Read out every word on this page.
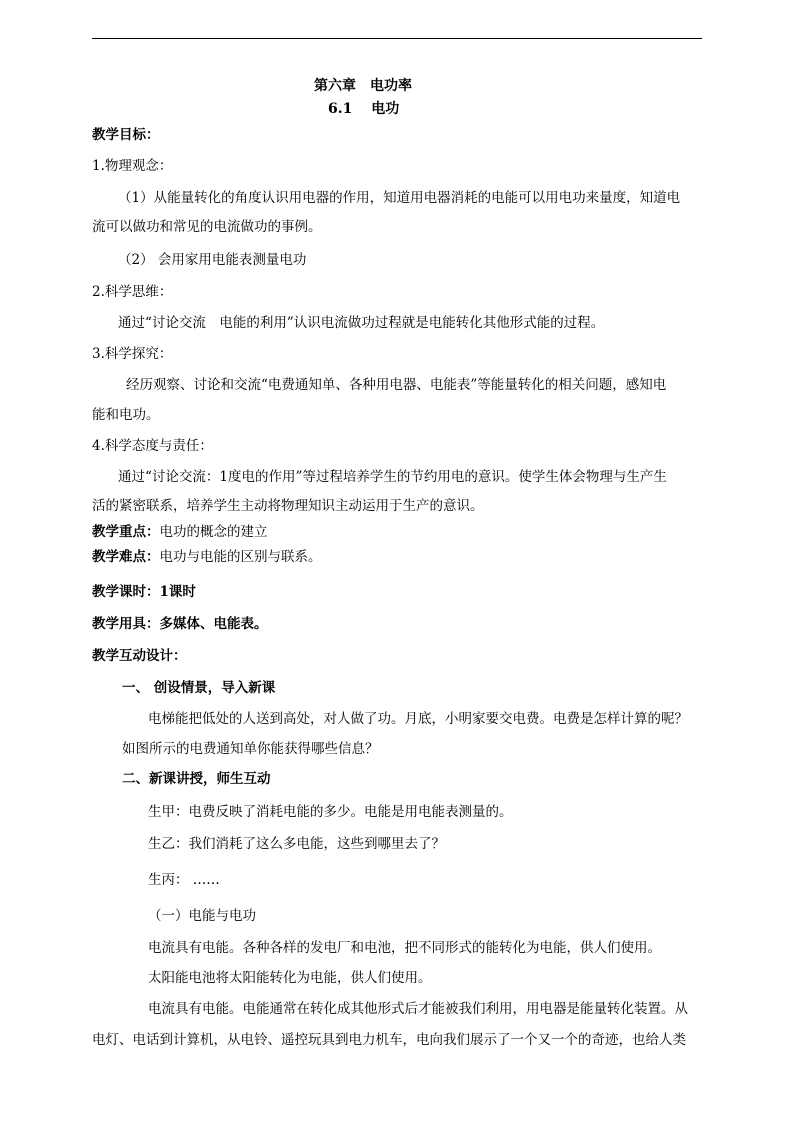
第六章　电功率
6.1　 电功
教学目标：
1.物理观念：
（1）从能量转化的角度认识用电器的作用，知道用电器消耗的电能可以用电功来量度，知道电
流可以做功和常见的电流做功的事例。
（2） 会用家用电能表测量电功
2.科学思维：
通过“讨论交流　电能的利用”认识电流做功过程就是电能转化其他形式能的过程。
3.科学探究：
经历观察、讨论和交流“电费通知单、各种用电器、电能表”等能量转化的相关问题，感知电
能和电功。
4.科学态度与责任：
通过“讨论交流：1度电的作用”等过程培养学生的节约用电的意识。使学生体会物理与生产生
活的紧密联系，培养学生主动将物理知识主动运用于生产的意识。
教学重点：电功的概念的建立
教学难点：电功与电能的区别与联系。
教学课时：1课时
教学用具：多媒体、电能表。
教学互动设计：
一、 创设情景，导入新课
电梯能把低处的人送到高处，对人做了功。月底，小明家要交电费。电费是怎样计算的呢？
如图所示的电费通知单你能获得哪些信息？
二、新课讲授，师生互动
生甲：电费反映了消耗电能的多少。电能是用电能表测量的。
生乙：我们消耗了这么多电能，这些到哪里去了？
生丙： ……
（一）电能与电功
电流具有电能。各种各样的发电厂和电池，把不同形式的能转化为电能，供人们使用。
太阳能电池将太阳能转化为电能，供人们使用。
电流具有电能。电能通常在转化成其他形式后才能被我们利用，用电器是能量转化装置。从
电灯、电话到计算机，从电铃、遥控玩具到电力机车，电向我们展示了一个又一个的奇迹，也给人类
